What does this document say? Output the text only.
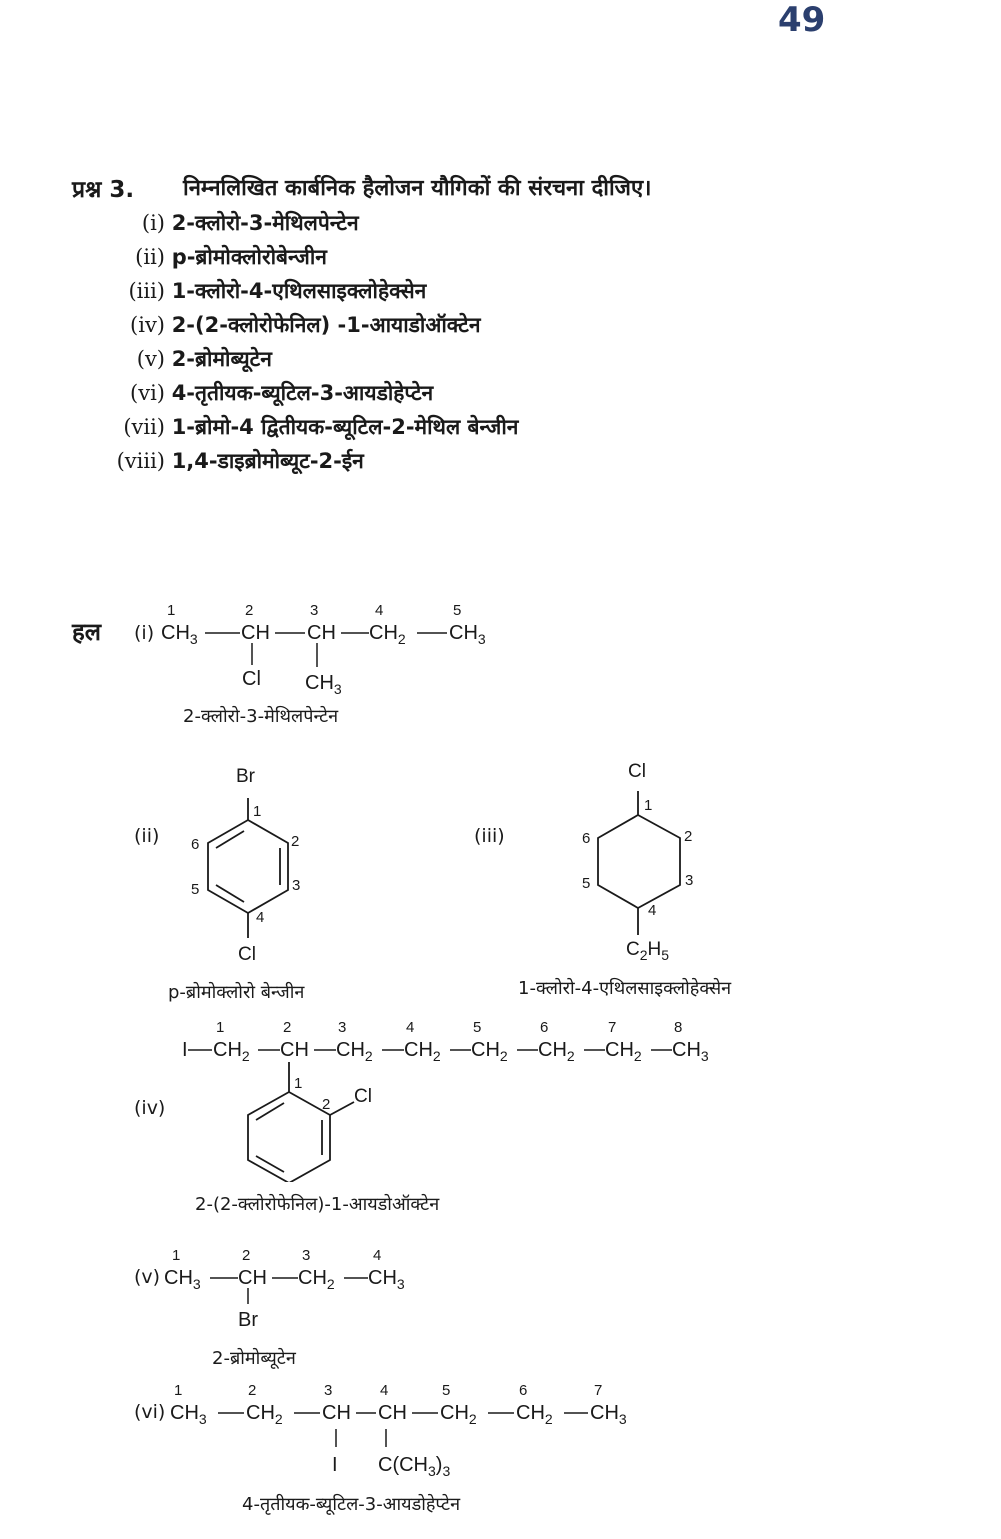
49
प्रश्न 3. निम्नलिखित कार्बनिक हैलोजन यौगिकों की संरचना दीजिए।
(i) 2-क्लोरो-3-मेथिलपेन्टेन
(ii) p-ब्रोमोक्लोरोबेन्जीन
(iii) 1-क्लोरो-4-एथिलसाइक्लोहेक्सेन
(iv) 2-(2-क्लोरोफेनिल) -1-आयाडोऑक्टेन
(v) 2-ब्रोमोब्यूटेन
(vi) 4-तृतीयक-ब्यूटिल-3-आयडोहेप्टेन
(vii) 1-ब्रोमो-4 द्वितीयक-ब्यूटिल-2-मेथिल बेन्जीन
(viii) 1,4-डाइब्रोमोब्यूट-2-ईन
हल (i)
1	2	3	4	5
$CH_3$ CH CH $CH_2$ $CH_3$
Cl $CH_3$
2-क्लोरो-3-मेथिलपेन्टेन
(ii)
Br
1
2
3
4
5
6
Cl
p-ब्रोमोक्लोरो बेन्जीन
(iii)
Cl
1
2
3
4
5
6
$C_2H_5$
1-क्लोरो-4-एथिलसाइक्लोहेक्सेन
(iv)
1	2	3	4	5	6	7	8
I $CH_2$ CH $CH_2$ $CH_2$ $CH_2$ $CH_2$ $CH_2$ $CH_3$
1
2 Cl
2-(2-क्लोरोफेनिल)-1-आयडोऑक्टेन
(v)
1	2	3	4
$CH_3$ CH $CH_2$ $CH_3$
Br
2-ब्रोमोब्यूटेन
(vi)
1	2	3	4	5	6	7
$CH_3$ $CH_2$ CH CH $CH_2$ $CH_2$ $CH_3$
I $C(CH_3)_3$
4-तृतीयक-ब्यूटिल-3-आयडोहेप्टेन
